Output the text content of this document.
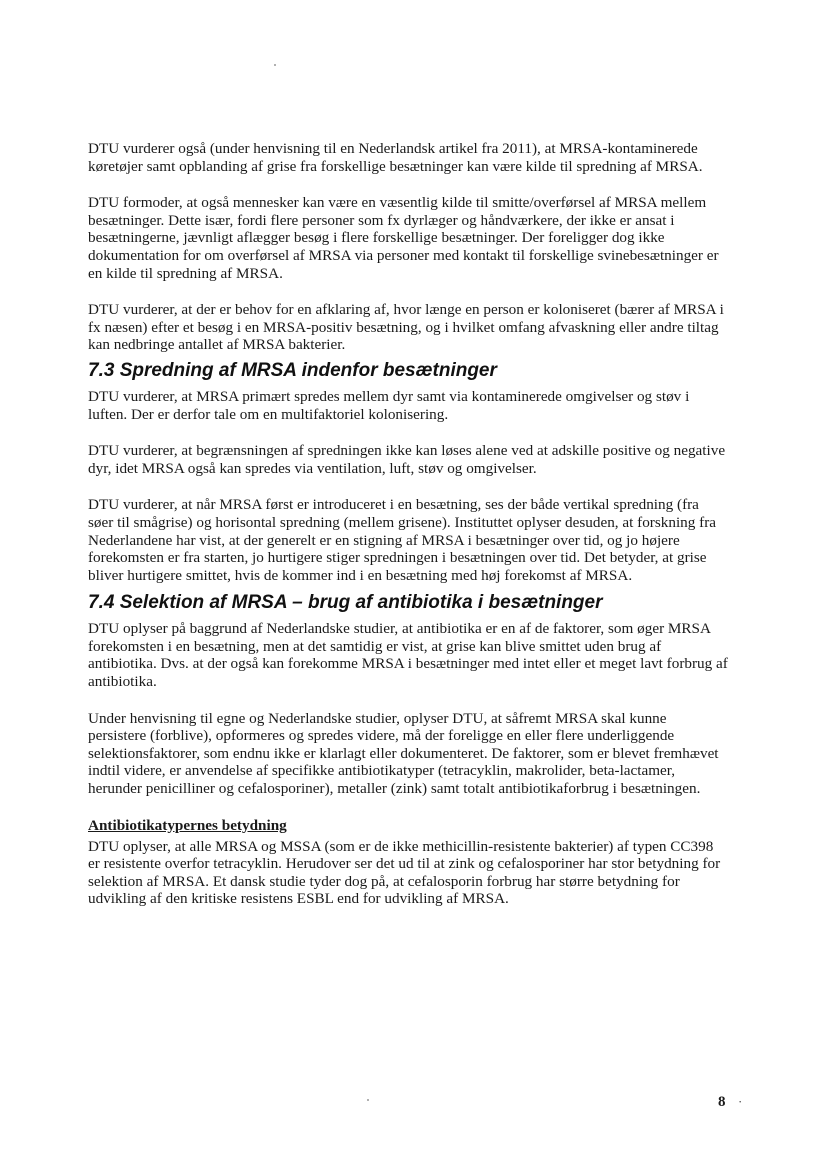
DTU vurderer også (under henvisning til en Nederlandsk artikel fra 2011), at MRSA-kontaminerede køretøjer samt opblanding af grise fra forskellige besætninger kan være kilde til spredning af MRSA.

DTU formoder, at også mennesker kan være en væsentlig kilde til smitte/overførsel af MRSA mellem besætninger. Dette især, fordi flere personer som fx dyrlæger og håndværkere, der ikke er ansat i besætningerne, jævnligt aflægger besøg i flere forskellige besætninger. Der foreligger dog ikke dokumentation for om overførsel af MRSA via personer med kontakt til forskellige svinebesætninger er en kilde til spredning af MRSA.

DTU vurderer, at der er behov for en afklaring af, hvor længe en person er koloniseret (bærer af MRSA i fx næsen) efter et besøg i en MRSA-positiv besætning, og i hvilket omfang afvaskning eller andre tiltag kan nedbringe antallet af MRSA bakterier.

7.3 Spredning af MRSA indenfor besætninger

DTU vurderer, at MRSA primært spredes mellem dyr samt via kontaminerede omgivelser og støv i luften. Der er derfor tale om en multifaktoriel kolonisering.

DTU vurderer, at begrænsningen af spredningen ikke kan løses alene ved at adskille positive og negative dyr, idet MRSA også kan spredes via ventilation, luft, støv og omgivelser.

DTU vurderer, at når MRSA først er introduceret i en besætning, ses der både vertikal spredning (fra søer til smågrise) og horisontal spredning (mellem grisene). Instituttet oplyser desuden, at forskning fra Nederlandene har vist, at der generelt er en stigning af MRSA i besætninger over tid, og jo højere forekomsten er fra starten, jo hurtigere stiger spredningen i besætningen over tid. Det betyder, at grise bliver hurtigere smittet, hvis de kommer ind i en besætning med høj forekomst af MRSA.

7.4 Selektion af MRSA – brug af antibiotika i besætninger

DTU oplyser på baggrund af Nederlandske studier, at antibiotika er en af de faktorer, som øger MRSA forekomsten i en besætning, men at det samtidig er vist, at grise kan blive smittet uden brug af antibiotika. Dvs. at der også kan forekomme MRSA i besætninger med intet eller et meget lavt forbrug af antibiotika.

Under henvisning til egne og Nederlandske studier, oplyser DTU, at såfremt MRSA skal kunne persistere (forblive), opformeres og spredes videre, må der foreligge en eller flere underliggende selektionsfaktorer, som endnu ikke er klarlagt eller dokumenteret. De faktorer, som er blevet fremhævet indtil videre, er anvendelse af specifikke antibiotikatyper (tetracyklin, makrolider, beta-lactamer, herunder penicilliner og cefalosporiner), metaller (zink) samt totalt antibiotikaforbrug i besætningen.

Antibiotikatypernes betydning

DTU oplyser, at alle MRSA og MSSA (som er de ikke methicillin-resistente bakterier) af typen CC398 er resistente overfor tetracyklin. Herudover ser det ud til at zink og cefalosporiner har stor betydning for selektion af MRSA. Et dansk studie tyder dog på, at cefalosporin forbrug har større betydning for udvikling af den kritiske resistens ESBL end for udvikling af MRSA.

8 ·
